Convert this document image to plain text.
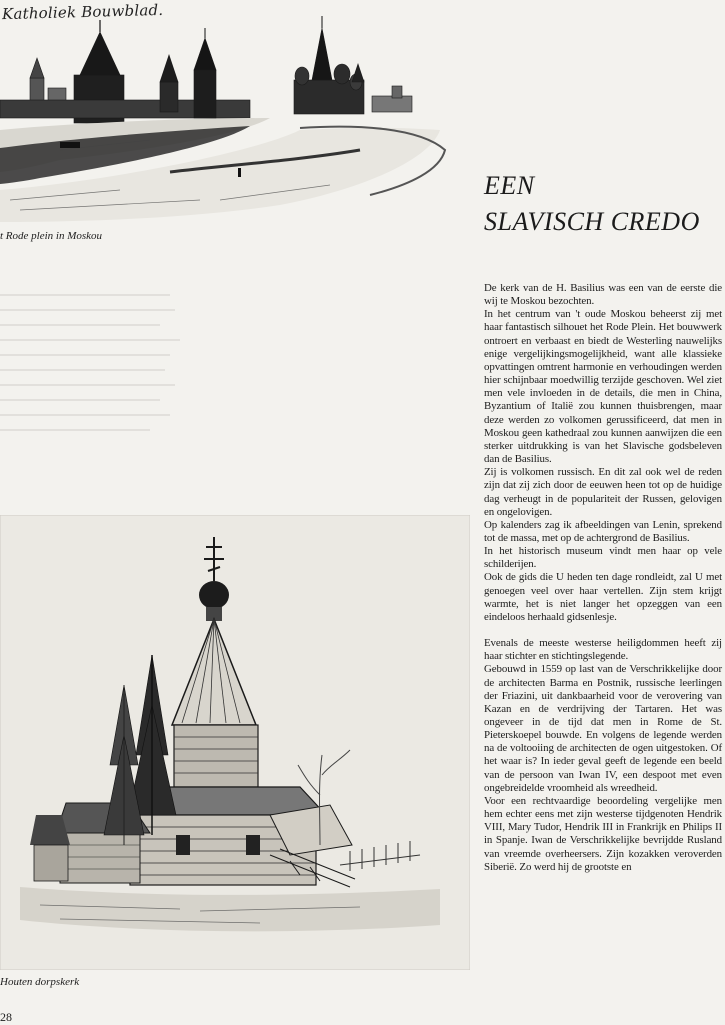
Katholiek Bouwblad.
t Rode plein in Moskou
Houten dorpskerk
28
EEN
SLAVISCH CREDO

De kerk van de H. Basilius was een van de eerste die wij te Moskou bezochten.

In het centrum van 't oude Moskou beheerst zij met haar fantastisch silhouet het Rode Plein. Het bouwwerk ontroert en verbaast en biedt de Westerling nauwelijks enige vergelijkingsmogelijkheid, want alle klassieke opvattingen omtrent harmonie en verhoudingen werden hier schijnbaar moedwillig terzijde geschoven. Wel ziet men vele invloeden in de details, die men in China, Byzantium of Italië zou kunnen thuisbrengen, maar deze werden zo volkomen gerussificeerd, dat men in Moskou geen kathedraal zou kunnen aanwijzen die een sterker uitdrukking is van het Slavische godsbeleven dan de Basilius.

Zij is volkomen russisch. En dit zal ook wel de reden zijn dat zij zich door de eeuwen heen tot op de huidige dag verheugt in de populariteit der Russen, gelovigen en ongelovigen.

Op kalenders zag ik afbeeldingen van Lenin, sprekend tot de massa, met op de achtergrond de Basilius.

In het historisch museum vindt men haar op vele schilderijen.

Ook de gids die U heden ten dage rondleidt, zal U met genoegen veel over haar vertellen. Zijn stem krijgt warmte, het is niet langer het opzeggen van een eindeloos herhaald gidsenlesje.

Evenals de meeste westerse heiligdommen heeft zij haar stichter en stichtingslegende.

Gebouwd in 1559 op last van de Verschrikkelijke door de architecten Barma en Postnik, russische leerlingen der Friazini, uit dankbaarheid voor de verovering van Kazan en de verdrijving der Tartaren. Het was ongeveer in de tijd dat men in Rome de St. Pieterskoepel bouwde. En volgens de legende werden na de voltooiing de architecten de ogen uitgestoken. Of het waar is? In ieder geval geeft de legende een beeld van de persoon van Iwan IV, een despoot met even ongebreidelde vroomheid als wreedheid.

Voor een rechtvaardige beoordeling vergelijke men hem echter eens met zijn westerse tijdgenoten Hendrik VIII, Mary Tudor, Hendrik III in Frankrijk en Philips II in Spanje. Iwan de Verschrikkelijke bevrijdde Rusland van vreemde overheersers. Zijn kozakken veroverden Siberië. Zo werd hij de grootste en
